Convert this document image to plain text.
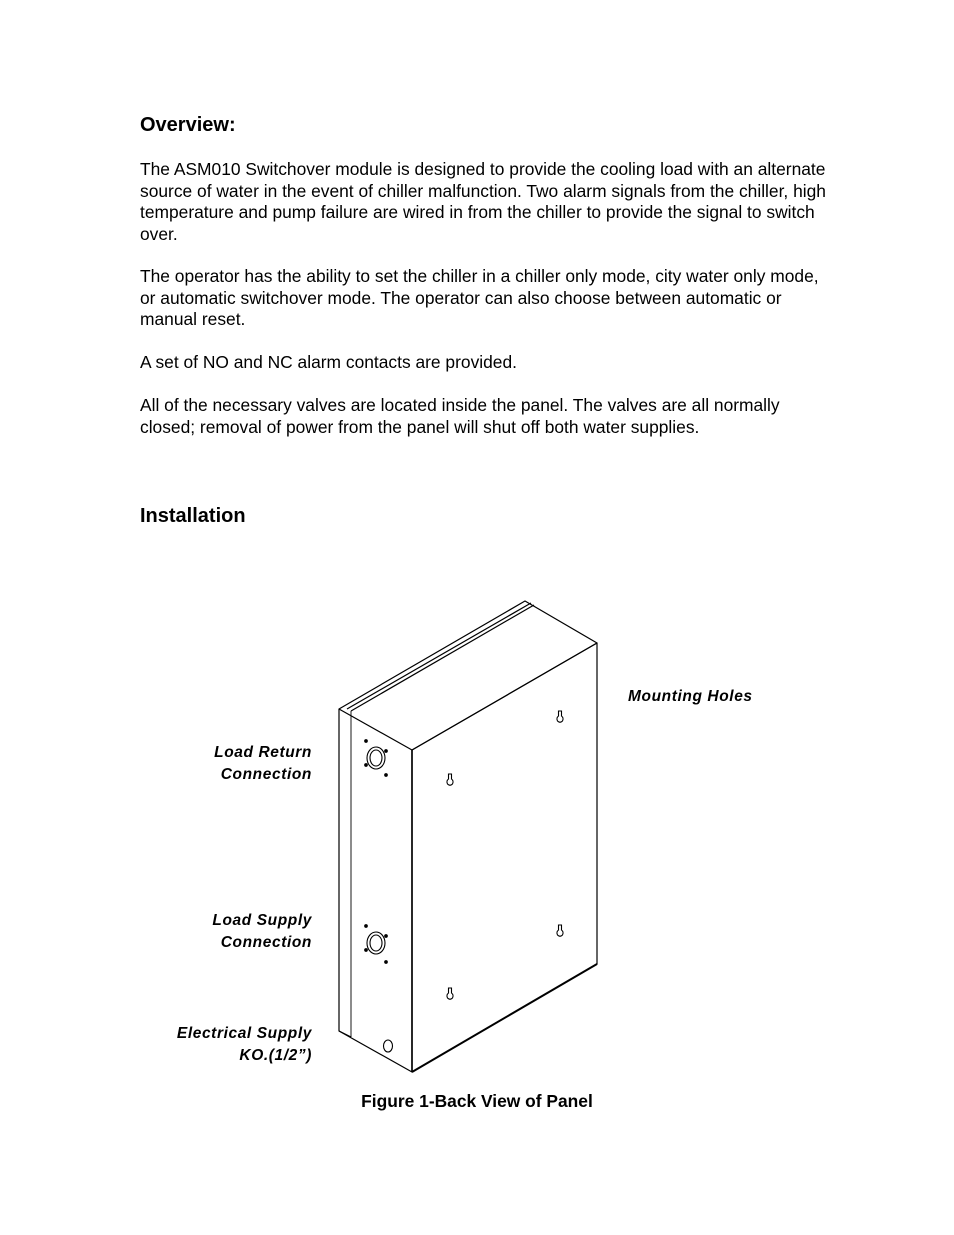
Overview:

The ASM010 Switchover module is designed to provide the cooling load with an alternate source of water in the event of chiller malfunction. Two alarm signals from the chiller, high temperature and pump failure are wired in from the chiller to provide the signal to switch over.

The operator has the ability to set the chiller in a chiller only mode, city water only mode, or automatic switchover mode. The operator can also choose between automatic or manual reset.

A set of NO and NC alarm contacts are provided.

All of the necessary valves are located inside the panel. The valves are all normally closed; removal of power from the panel will shut off both water supplies.

Installation
Mounting Holes
Load Return
Connection
Load Supply
Connection
Electrical Supply
KO.(1/2”)
Figure 1-Back View of Panel
